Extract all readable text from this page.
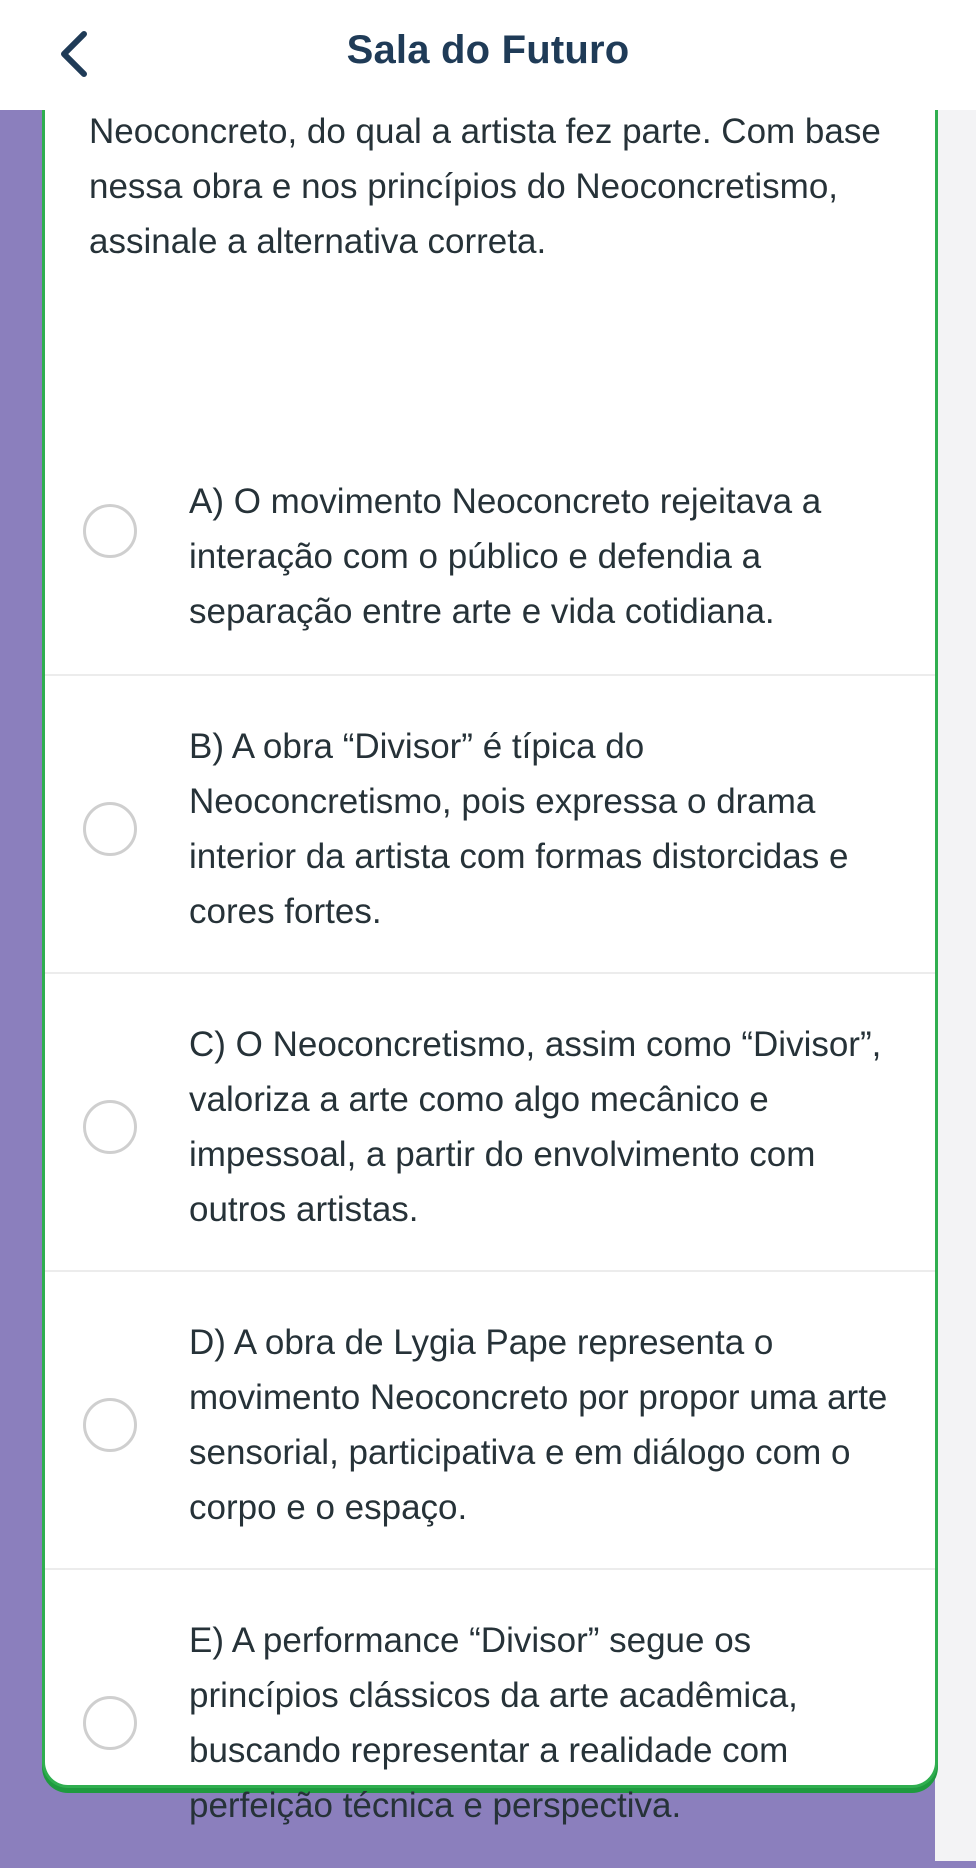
Sala do Futuro
Neoconcreto, do qual a artista fez parte. Com base nessa obra e nos princípios do Neoconcretismo, assinale a alternativa correta.
A) O movimento Neoconcreto rejeitava a interação com o público e defendia a separação entre arte e vida cotidiana.
B) A obra “Divisor” é típica do Neoconcretismo, pois expressa o drama interior da artista com formas distorcidas e cores fortes.
C) O Neoconcretismo, assim como “Divisor”, valoriza a arte como algo mecânico e impessoal, a partir do envolvimento com outros artistas.
D) A obra de Lygia Pape representa o movimento Neoconcreto por propor uma arte sensorial, participativa e em diálogo com o corpo e o espaço.
E) A performance “Divisor” segue os princípios clássicos da arte acadêmica, buscando representar a realidade com perfeição técnica e perspectiva.
